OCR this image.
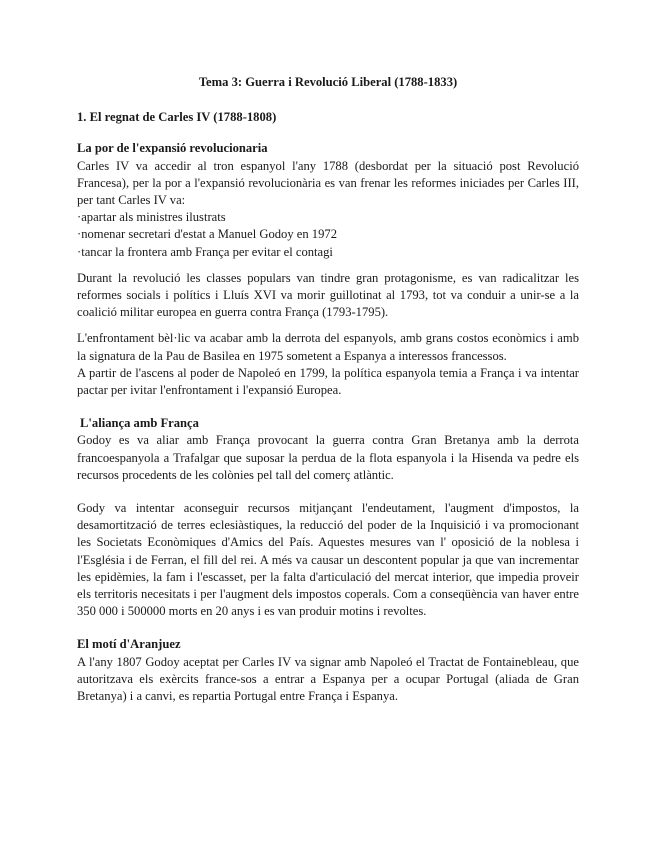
Tema 3: Guerra i Revolució Liberal (1788-1833)
1. El regnat de Carles IV (1788-1808)
La por de l'expansió revolucionaria

Carles IV va accedir al tron espanyol l'any 1788 (desbordat per la situació post Revolució Francesa), per la por a l'expansió revolucionària es van frenar les reformes iniciades per Carles III, per tant Carles IV va:

·apartar als ministres ilustrats
·nomenar secretari d'estat a Manuel Godoy en 1972
·tancar la frontera amb França per evitar el contagi

Durant la revolució les classes populars van tindre gran protagonisme, es van radicalitzar les reformes socials i polítics i Lluís XVI va morir guillotinat al 1793, tot va conduir a unir-se a la coalició militar europea en guerra contra França (1793-1795).

L'enfrontament bèl·lic va acabar amb la derrota del espanyols, amb grans costos econòmics i amb la signatura de la Pau de Basilea en 1975 sometent a Espanya a interessos francessos.

A partir de l'ascens al poder de Napoleó en 1799, la política espanyola temia a França i va intentar pactar per ivitar l'enfrontament i l'expansió Europea.

L'aliança amb França

Godoy es va aliar amb França provocant la guerra contra Gran Bretanya amb la derrota francoespanyola a Trafalgar que suposar la perdua de la flota espanyola i la Hisenda va pedre els recursos procedents de les colònies pel tall del comerç atlàntic.

Gody va intentar aconseguir recursos mitjançant l'endeutament, l'augment d'impostos, la desamortització de terres eclesiàstiques, la reducció del poder de la Inquisició i va promocionant les Societats Econòmiques d'Amics del País. Aquestes mesures van l' oposició de la noblesa i l'Església i de Ferran, el fill del rei. A més va causar un descontent popular ja que van incrementar les epidèmies, la fam i l'escasset, per la falta d'articulació del mercat interior, que impedia proveir els territoris necesitats i per l'augment dels impostos coperals. Com a conseqüència van haver entre 350 000 i 500000 morts en 20 anys i es van produir motins i revoltes.

El motí d'Aranjuez

A l'any 1807 Godoy aceptat per Carles IV va signar amb Napoleó el Tractat de Fontainebleau, que autoritzava els exèrcits france-sos a entrar a Espanya per a ocupar Portugal (aliada de Gran Bretanya) i a canvi, es repartia Portugal entre França i Espanya.
